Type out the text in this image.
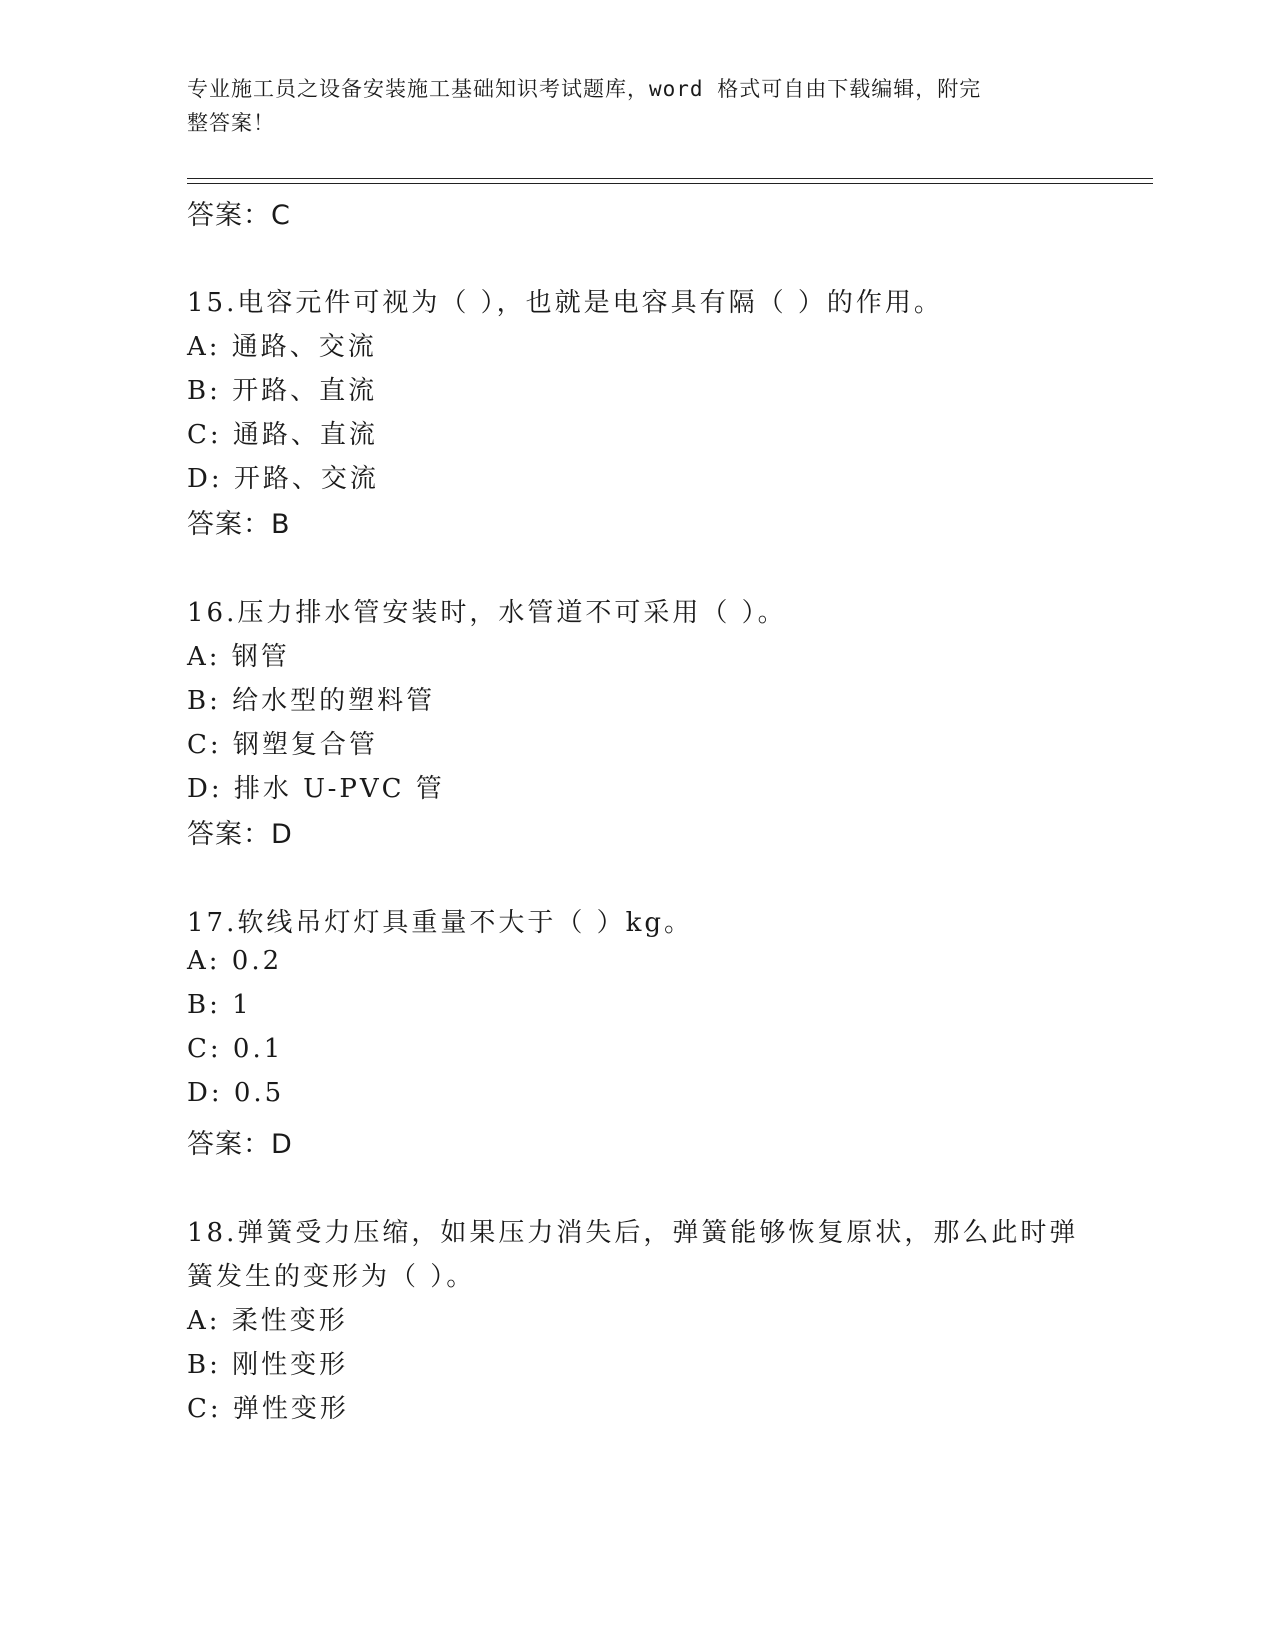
专业施工员之设备安装施工基础知识考试题库，word 格式可自由下载编辑，附完
整答案！
答案：C
15.电容元件可视为（ ），也就是电容具有隔（ ）的作用。
A: 通路、交流
B: 开路、直流
C: 通路、直流
D: 开路、交流
答案：B
16.压力排水管安装时，水管道不可采用（ ）。
A: 钢管
B: 给水型的塑料管
C: 钢塑复合管
D: 排水 U-PVC 管
答案：D
17.软线吊灯灯具重量不大于（ ）kg。
A: 0.2
B: 1
C: 0.1
D: 0.5
答案：D
18.弹簧受力压缩，如果压力消失后，弹簧能够恢复原状，那么此时弹
簧发生的变形为（ ）。
A: 柔性变形
B: 刚性变形
C: 弹性变形
